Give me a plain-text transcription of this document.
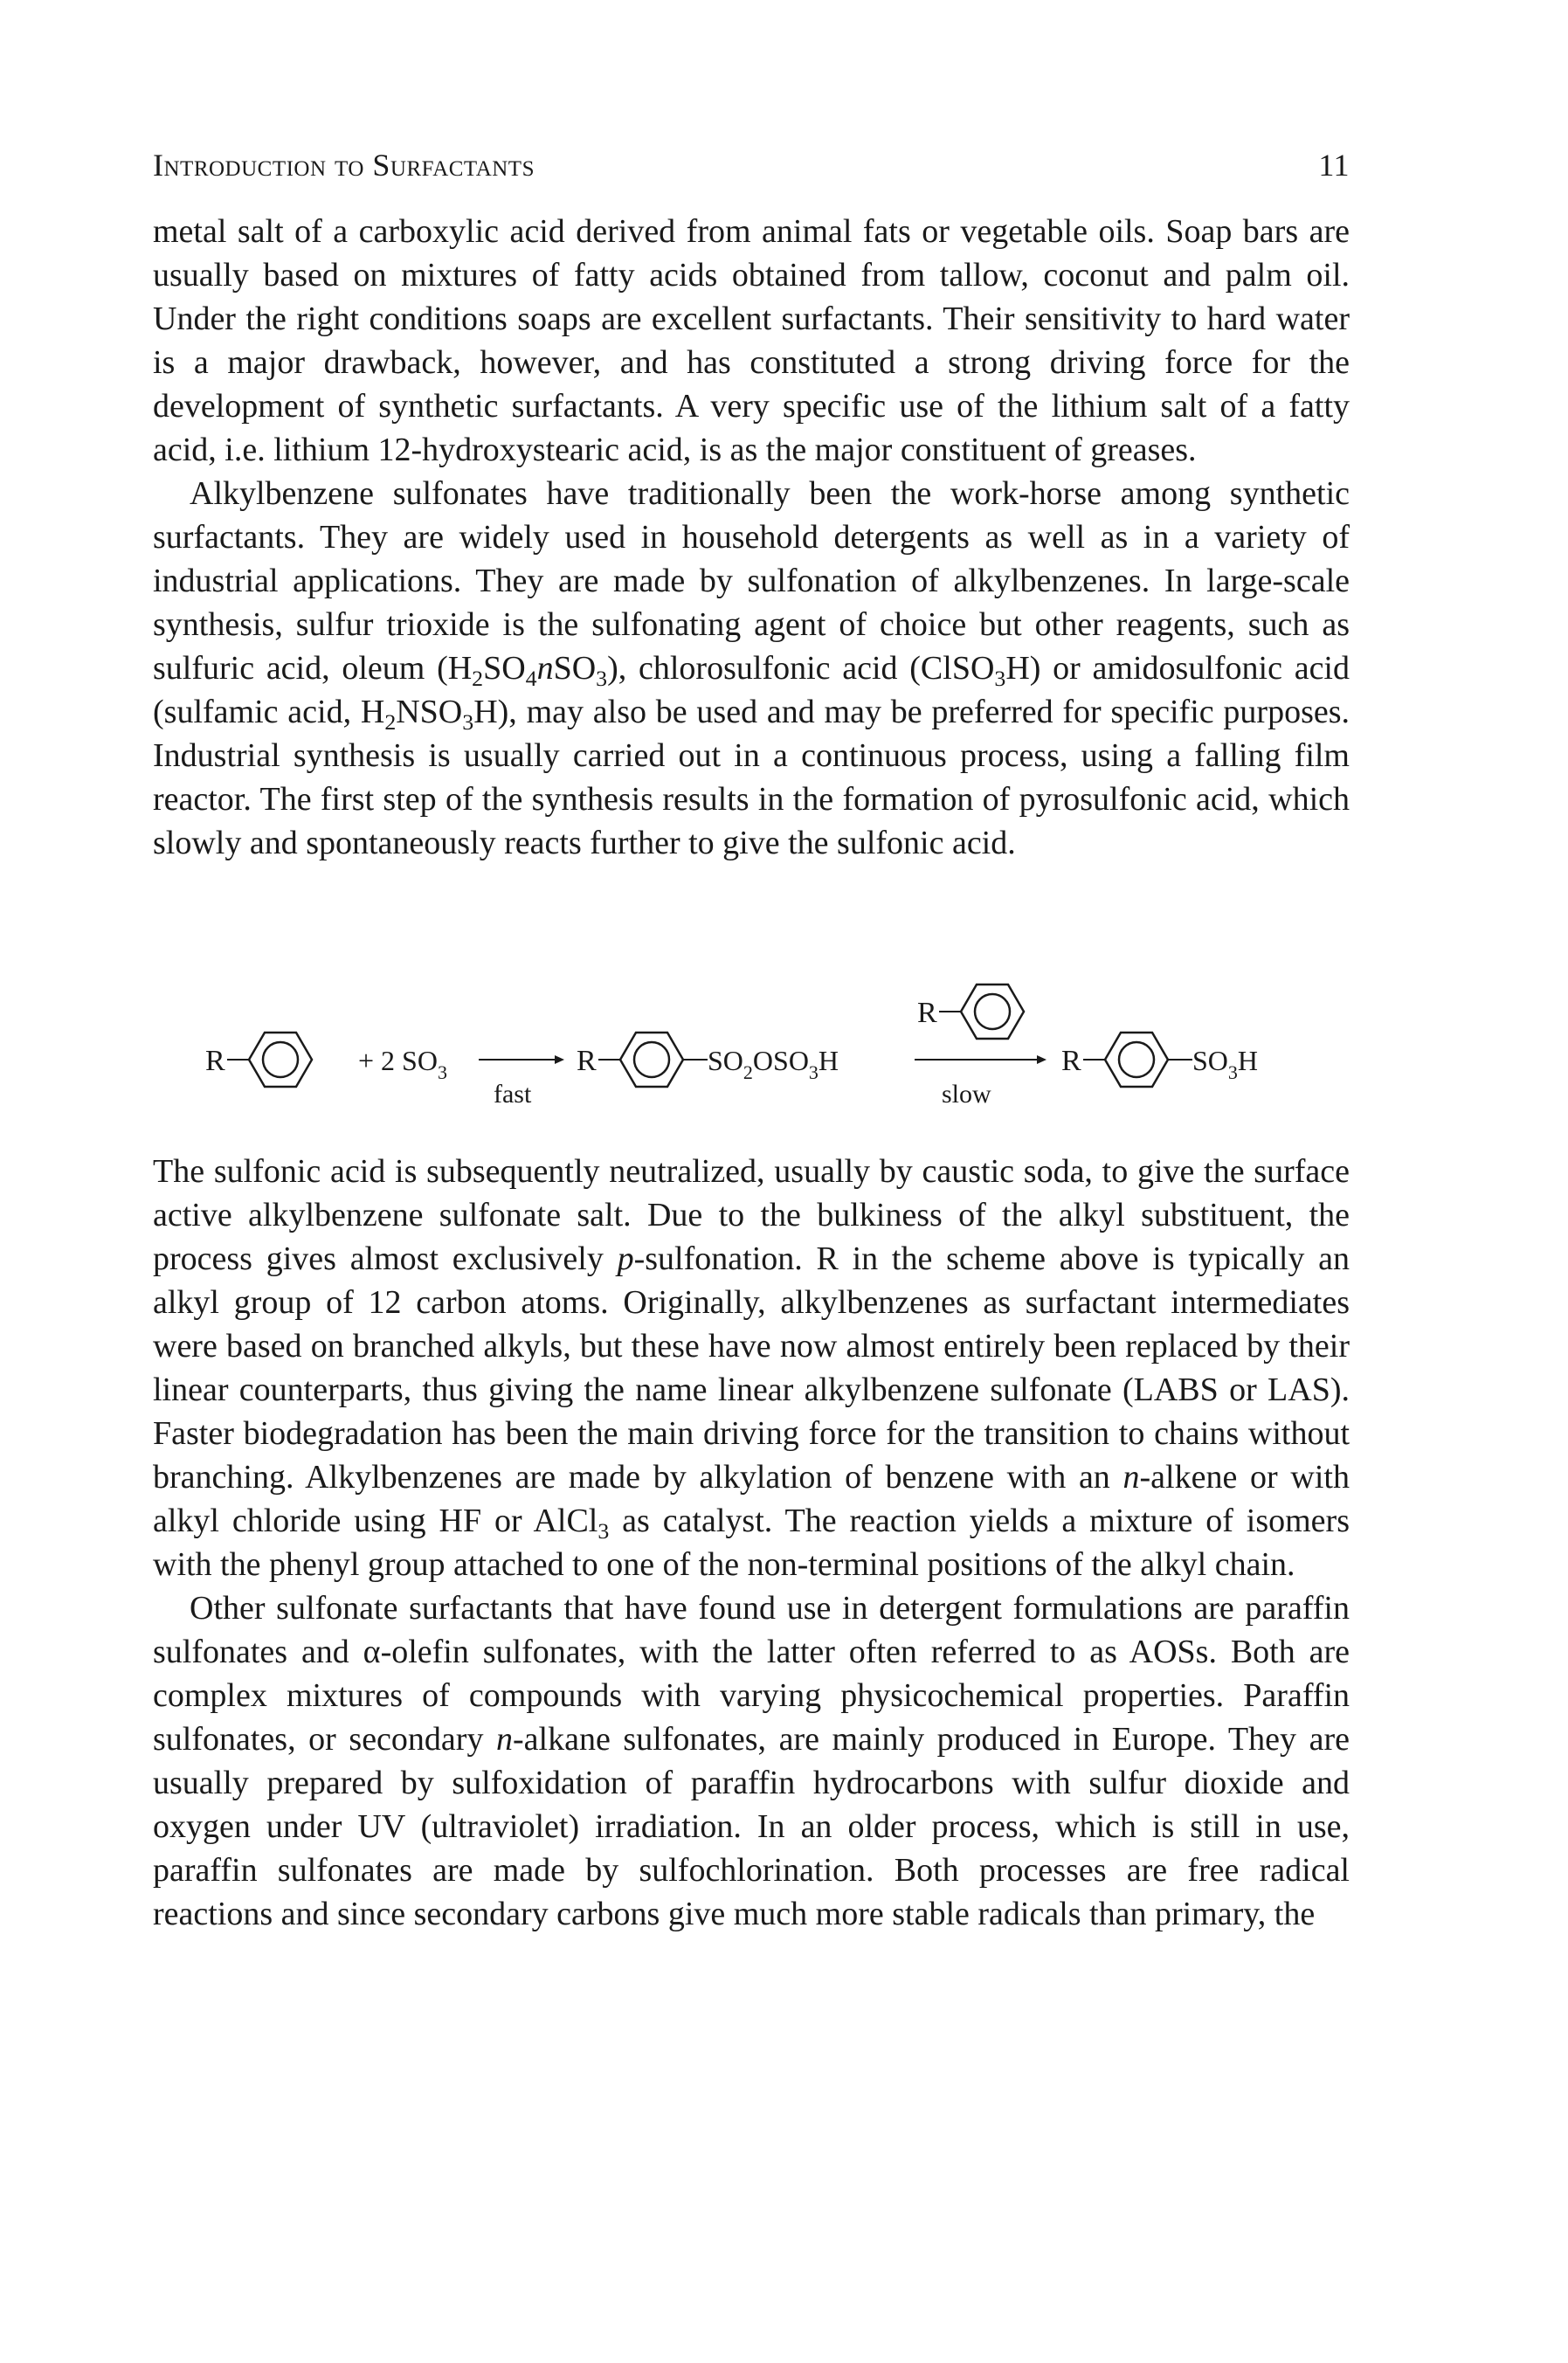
Introduction to Surfactants	11

metal salt of a carboxylic acid derived from animal fats or vegetable oils. Soap bars are usually based on mixtures of fatty acids obtained from tallow, coconut and palm oil. Under the right conditions soaps are excellent surfactants. Their sensitivity to hard water is a major drawback, however, and has constituted a strong driving force for the development of synthetic surfactants. A very specific use of the lithium salt of a fatty acid, i.e. lithium 12-hydroxystearic acid, is as the major constituent of greases.

Alkylbenzene sulfonates have traditionally been the work-horse among synthetic surfactants. They are widely used in household detergents as well as in a variety of industrial applications. They are made by sulfonation of alkylbenzenes. In large-scale synthesis, sulfur trioxide is the sulfonating agent of choice but other reagents, such as sulfuric acid, oleum $(H_2SO_4nSO_3)$, chlorosulfonic acid (ClSO$_3$H) or amidosulfonic acid (sulfamic acid, $H_2NSO_3H$), may also be used and may be preferred for specific purposes. Industrial synthesis is usually carried out in a continuous process, using a falling film reactor. The first step of the synthesis results in the formation of pyrosulfonic acid, which slowly and spontaneously reacts further to give the sulfonic acid.

R	+ 2 $SO_3$
fast
R	$SO_2OSO_3H$
slow
R
R	$SO_3H$

The sulfonic acid is subsequently neutralized, usually by caustic soda, to give the surface active alkylbenzene sulfonate salt. Due to the bulkiness of the alkyl substituent, the process gives almost exclusively p-sulfonation. R in the scheme above is typically an alkyl group of 12 carbon atoms. Originally, alkylbenzenes as surfactant intermediates were based on branched alkyls, but these have now almost entirely been replaced by their linear counterparts, thus giving the name linear alkylbenzene sulfonate (LABS or LAS). Faster biodegradation has been the main driving force for the transition to chains without branching. Alkylbenzenes are made by alkylation of benzene with an n-alkene or with alkyl chloride using HF or AlCl$_3$ as catalyst. The reaction yields a mixture of isomers with the phenyl group attached to one of the non-terminal positions of the alkyl chain.

Other sulfonate surfactants that have found use in detergent formulations are paraffin sulfonates and α-olefin sulfonates, with the latter often referred to as AOSs. Both are complex mixtures of compounds with varying physicochemical properties. Paraffin sulfonates, or secondary n-alkane sulfonates, are mainly produced in Europe. They are usually prepared by sulfoxidation of paraffin hydrocarbons with sulfur dioxide and oxygen under UV (ultraviolet) irradiation. In an older process, which is still in use, paraffin sulfonates are made by sulfochlorination. Both processes are free radical reactions and since secondary carbons give much more stable radicals than primary, the
